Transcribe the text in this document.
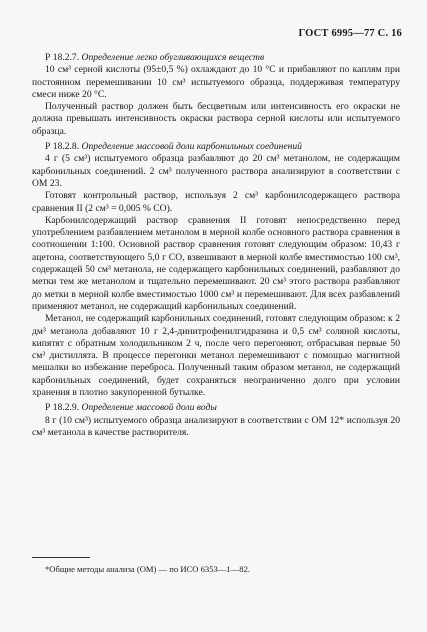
ГОСТ 6995—77 С. 16

Р 18.2.7. Определение легко обугливающихся веществ

10 см³ серной кислоты (95±0,5 %) охлаждают до 10 °С и прибавляют по каплям при постоянном перемешивании 10 см³ испытуемого образца, поддерживая температуру смеси ниже 20 °С.

Полученный раствор должен быть бесцветным или интенсивность его окраски не должна превышать интенсивность окраски раствора серной кислоты или испытуемого образца.

Р 18.2.8. Определение массовой доли карбонильных соединений

4 г (5 см³) испытуемого образца разбавляют до 20 см³ метанолом, не содержащим карбонильных соединений. 2 см³ полученного раствора анализируют в соответствии с ОМ 23.

Готовят контрольный раствор, используя 2 см³ карбонилсодержащего раствора сравнения II (2 см³ = 0,005 % СО).

Карбонилсодержащий раствор сравнения II готовят непосредственно перед употреблением разбавлением метанолом в мерной колбе основного раствора сравнения в соотношении 1:100. Основной раствор сравнения готовят следующим образом: 10,43 г ацетона, соответствующего 5,0 г СО, взвешивают в мерной колбе вместимостью 100 см³, содержащей 50 см³ метанола, не содержащего карбонильных соединений, разбавляют до метки тем же метанолом и тщательно перемешивают. 20 см³ этого раствора разбавляют до метки в мерной колбе вместимостью 1000 см³ и перемешивают. Для всех разбавлений применяют метанол, не содержащий карбонильных соединений.

Метанол, не содержащий карбонильных соединений, готовят следующим образом: к 2 дм³ метанола добавляют 10 г 2,4-динитрофенилгидразина и 0,5 см³ соляной кислоты, кипятят с обратным холодильником 2 ч, после чего перегоняют, отбрасывая первые 50 см³ дистиллята. В процессе перегонки метанол перемешивают с помощью магнитной мешалки во избежание переброса. Полученный таким образом метанол, не содержащий карбонильных соединений, будет сохраняться неограниченно долго при условии хранения в плотно закупоренной бутылке.

Р 18.2.9. Определение массовой доли воды

8 г (10 см³) испытуемого образца анализируют в соответствии с ОМ 12* используя 20 см³ метанола в качестве растворителя.

*Общие методы анализа (ОМ) — по ИСО 6353—1—82.
